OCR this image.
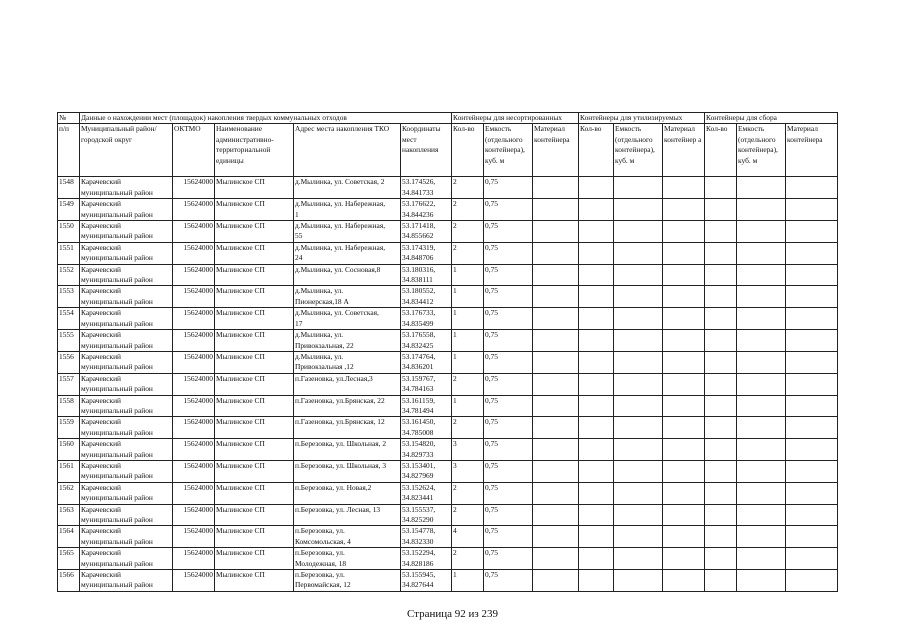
№	Данные о нахождении мест (площадок) накопления твердых коммунальных отходов					Контейнеры для несортированных			Контейнеры для утилизируемых			Контейнеры для сбора		
п/п	Муниципальный район/городской округ	ОКТМО	Наименование административно-территориальной единицы	Адрес места накопления ТКО	Координаты мест накопления	Кол-во	Емкость (отдельного контейнера), куб. м	Материал контейнера	Кол-во	Емкость (отдельного контейнера), куб. м	Материал контейнер а	Кол-во	Емкость (отдельного контейнера), куб. м	Материал контейнера
1548	Карачевский
муниципальный район	15624000	Мылинское СП	д.Мылинка, ул. Советская, 2	53.174526,
34.841733	2	0,75							
1549	Карачевский
муниципальный район	15624000	Мылинское СП	д.Мылинка, ул. Набережная,
1	53.176622,
34.844236	2	0,75							
1550	Карачевский
муниципальный район	15624000	Мылинское СП	д.Мылинка, ул. Набережная,
55	53.171418,
34.855662	2	0,75							
1551	Карачевский
муниципальный район	15624000	Мылинское СП	д.Мылинка, ул. Набережная,
24	53.174319,
34.848706	2	0,75							
1552	Карачевский
муниципальный район	15624000	Мылинское СП	д.Мылинка, ул. Сосновая,8	53.180316,
34.838111	1	0,75							
1553	Карачевский
муниципальный район	15624000	Мылинское СП	д.Мылинка, ул.
Пионерская,18 А	53.180552,
34.834412	1	0,75							
1554	Карачевский
муниципальный район	15624000	Мылинское СП	д.Мылинка, ул. Советская,
17	53.176733,
34.835499	1	0,75							
1555	Карачевский
муниципальный район	15624000	Мылинское СП	д.Мылинка, ул.
Привокзальная, 22	53.176558,
34.832425	1	0,75							
1556	Карачевский
муниципальный район	15624000	Мылинское СП	д.Мылинка, ул.
Привокзальная ,12	53.174764,
34.836201	1	0,75							
1557	Карачевский
муниципальный район	15624000	Мылинское СП	п.Газеновка, ул.Лесная,3	53.159767,
34.784163	2	0,75							
1558	Карачевский
муниципальный район	15624000	Мылинское СП	п.Газеновка, ул.Брянская, 22	53.161159,
34.781494	1	0,75							
1559	Карачевский
муниципальный район	15624000	Мылинское СП	п.Газеновка, ул.Брянская, 12	53.161450,
34.785008	2	0,75							
1560	Карачевский
муниципальный район	15624000	Мылинское СП	п.Березовка, ул. Школьная, 2	53.154820,
34.829733	3	0,75							
1561	Карачевский
муниципальный район	15624000	Мылинское СП	п.Березовка, ул. Школьная, 3	53.153401,
34.827969	3	0,75							
1562	Карачевский
муниципальный район	15624000	Мылинское СП	п.Березовка, ул. Новая,2	53.152624,
34.823441	2	0,75							
1563	Карачевский
муниципальный район	15624000	Мылинское СП	п.Березовка, ул. Лесная, 13	53.155537,
34.825290	2	0,75							
1564	Карачевский
муниципальный район	15624000	Мылинское СП	п.Березовка, ул.
Комсомольская, 4	53.154778,
34.832330	4	0,75							
1565	Карачевский
муниципальный район	15624000	Мылинское СП	п.Березовка, ул.
Молодежная, 18	53.152294,
34.828186	2	0,75							
1566	Карачевский
муниципальный район	15624000	Мылинское СП	п.Березовка, ул.
Первомайская, 12	53.155945,
34.827644	1	0,75							
Страница 92 из 239
